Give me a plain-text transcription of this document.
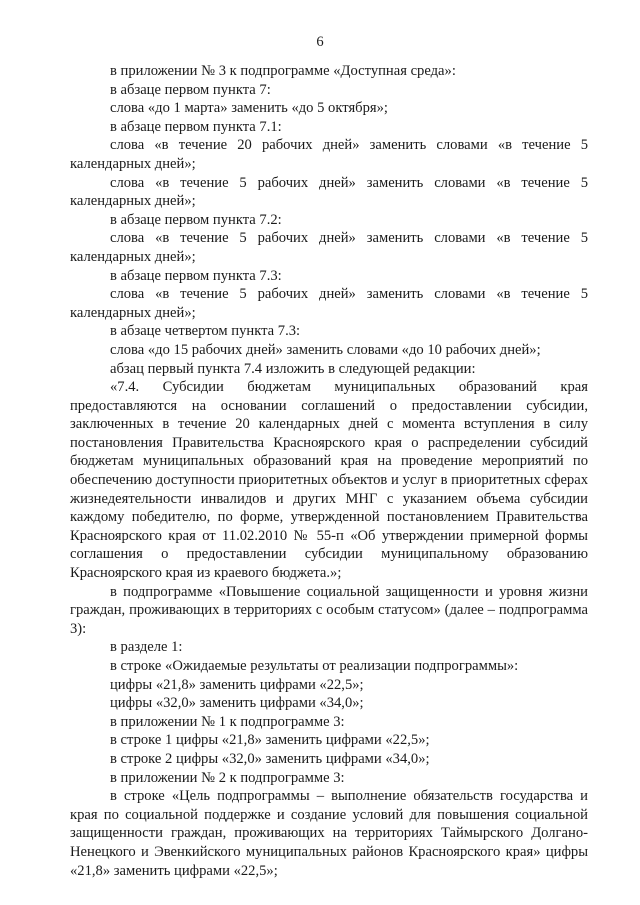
6

в приложении № 3 к подпрограмме «Доступная среда»:

в абзаце первом пункта 7:

слова «до 1 марта» заменить «до 5 октября»;

в абзаце первом пункта 7.1:

слова «в течение 20 рабочих дней» заменить словами «в течение 5 календарных дней»;

слова «в течение 5 рабочих дней» заменить словами «в течение 5 календарных дней»;

в абзаце первом пункта 7.2:

слова «в течение 5 рабочих дней» заменить словами «в течение 5 календарных дней»;

в абзаце первом пункта 7.3:

слова «в течение 5 рабочих дней» заменить словами «в течение 5 календарных дней»;

в абзаце четвертом пункта 7.3:

слова «до 15 рабочих дней» заменить словами «до 10 рабочих дней»;

абзац первый пункта 7.4 изложить в следующей редакции:

«7.4. Субсидии бюджетам муниципальных образований края предоставляются на основании соглашений о предоставлении субсидии, заключенных в течение 20 календарных дней с момента вступления в силу постановления Правительства Красноярского края о распределении субсидий бюджетам муниципальных образований края на проведение мероприятий по обеспечению доступности приоритетных объектов и услуг в приоритетных сферах жизнедеятельности инвалидов и других МНГ с указанием объема субсидии каждому победителю, по форме, утвержденной постановлением Правительства Красноярского края от 11.02.2010 № 55-п «Об утверждении примерной формы соглашения о предоставлении субсидии муниципальному образованию Красноярского края из краевого бюджета.»;

в подпрограмме «Повышение социальной защищенности и уровня жизни граждан, проживающих в территориях с особым статусом» (далее – подпрограмма 3):

в разделе 1:

в строке «Ожидаемые результаты от реализации подпрограммы»:

цифры «21,8» заменить цифрами «22,5»;

цифры «32,0» заменить цифрами «34,0»;

в приложении № 1 к подпрограмме 3:

в строке 1 цифры «21,8» заменить цифрами «22,5»;

в строке 2 цифры «32,0» заменить цифрами «34,0»;

в приложении № 2 к подпрограмме 3:

в строке «Цель подпрограммы – выполнение обязательств государства и края по социальной поддержке и создание условий для повышения социальной защищенности граждан, проживающих на территориях Таймырского Долгано-Ненецкого и Эвенкийского муниципальных районов Красноярского края» цифры «21,8» заменить цифрами «22,5»;
